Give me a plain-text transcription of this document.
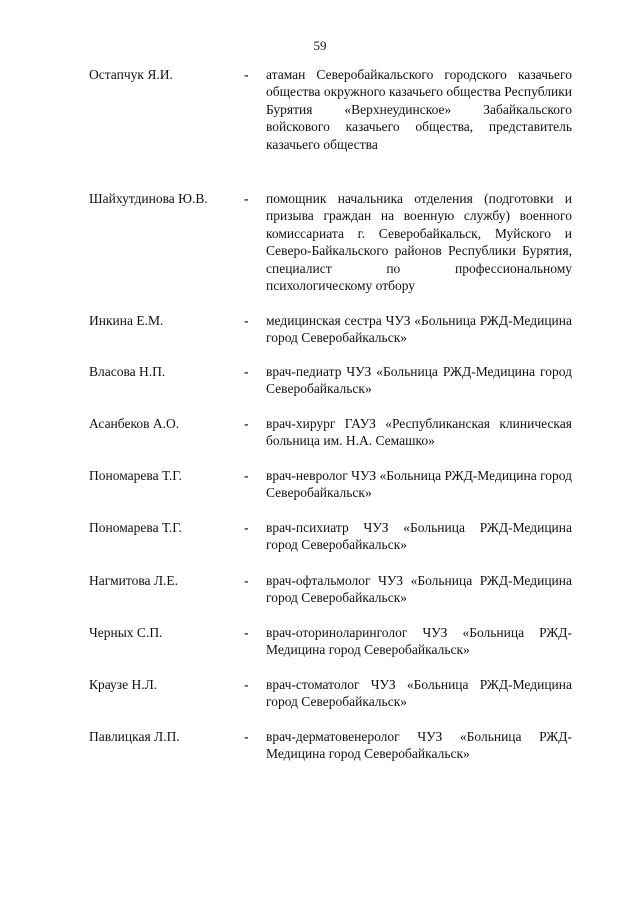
59
Остапчук Я.И.	-	атаман Северобайкальского городского казачьего общества окружного казачьего общества Республики Бурятия «Верхнеудинское» Забайкальского войскового казачьего общества, представитель казачьего общества
Шайхутдинова Ю.В.	-	помощник начальника отделения (подготовки и призыва граждан на военную службу) военного комиссариата г. Северобайкальск, Муйского и Северо-Байкальского районов Республики Бурятия, специалист по профессиональному психологическому отбору
Инкина Е.М.	-	медицинская сестра ЧУЗ «Больница РЖД-Медицина город Северобайкальск»
Власова Н.П.	-	врач-педиатр ЧУЗ «Больница РЖД-Медицина город Северобайкальск»
Асанбеков А.О.	-	врач-хирург ГАУЗ «Республиканская клиническая больница им. Н.А. Семашко»
Пономарева Т.Г.	-	врач-невролог ЧУЗ «Больница РЖД-Медицина город Северобайкальск»
Пономарева Т.Г.	-	врач-психиатр ЧУЗ «Больница РЖД-Медицина город Северобайкальск»
Нагмитова Л.Е.	-	врач-офтальмолог ЧУЗ «Больница РЖД-Медицина город Северобайкальск»
Черных С.П.	-	врач-оториноларинголог ЧУЗ «Больница РЖД-Медицина город Северобайкальск»
Краузе Н.Л.	-	врач-стоматолог ЧУЗ «Больница РЖД-Медицина город Северобайкальск»
Павлицкая Л.П.	-	врач-дерматовенеролог ЧУЗ «Больница РЖД-Медицина город Северобайкальск»
